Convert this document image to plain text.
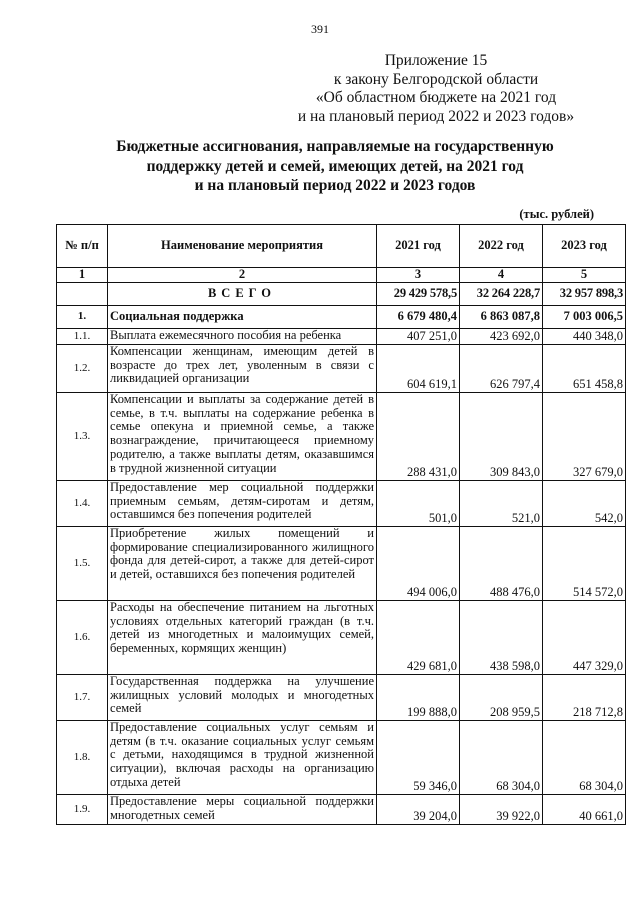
391
Приложение 15
к закону Белгородской области
«Об областном бюджете на 2021 год
и на плановый период 2022 и 2023 годов»
Бюджетные ассигнования, направляемые на государственную
поддержку детей и семей, имеющих детей, на 2021 год
и на плановый период 2022 и 2023 годов
(тыс. рублей)
№ п/п	Наименование мероприятия	2021 год	2022 год	2023 год
1	2	3	4	5
	ВСЕГО	29 429 578,5	32 264 228,7	32 957 898,3
1.	Социальная поддержка	6 679 480,4	6 863 087,8	7 003 006,5
1.1.	Выплата ежемесячного пособия на ребенка	407 251,0	423 692,0	440 348,0
1.2.	Компенсации женщинам, имеющим детей в возрасте до трех лет, уволенным в связи с ликвидацией организации	604 619,1	626 797,4	651 458,8
1.3.	Компенсации и выплаты за содержание детей в семье, в т.ч. выплаты на содержание ребенка в семье опекуна и приемной семье, а также вознаграждение, причитающееся приемному родителю, а также выплаты детям, оказавшимся в трудной жизненной ситуации	288 431,0	309 843,0	327 679,0
1.4.	Предоставление мер социальной поддержки приемным семьям, детям-сиротам и детям, оставшимся без попечения родителей	501,0	521,0	542,0
1.5.	Приобретение жилых помещений и формирование специализированного жилищного фонда для детей-сирот, а также для детей-сирот и детей, оставшихся без попечения родителей	494 006,0	488 476,0	514 572,0
1.6.	Расходы на обеспечение питанием на льготных условиях отдельных категорий граждан (в т.ч. детей из многодетных и малоимущих семей, беременных, кормящих женщин)	429 681,0	438 598,0	447 329,0
1.7.	Государственная поддержка на улучшение жилищных условий молодых и многодетных семей	199 888,0	208 959,5	218 712,8
1.8.	Предоставление социальных услуг семьям и детям (в т.ч. оказание социальных услуг семьям с детьми, находящимся в трудной жизненной ситуации), включая расходы на организацию отдыха детей	59 346,0	68 304,0	68 304,0
1.9.	Предоставление меры социальной поддержки многодетных семей	39 204,0	39 922,0	40 661,0
